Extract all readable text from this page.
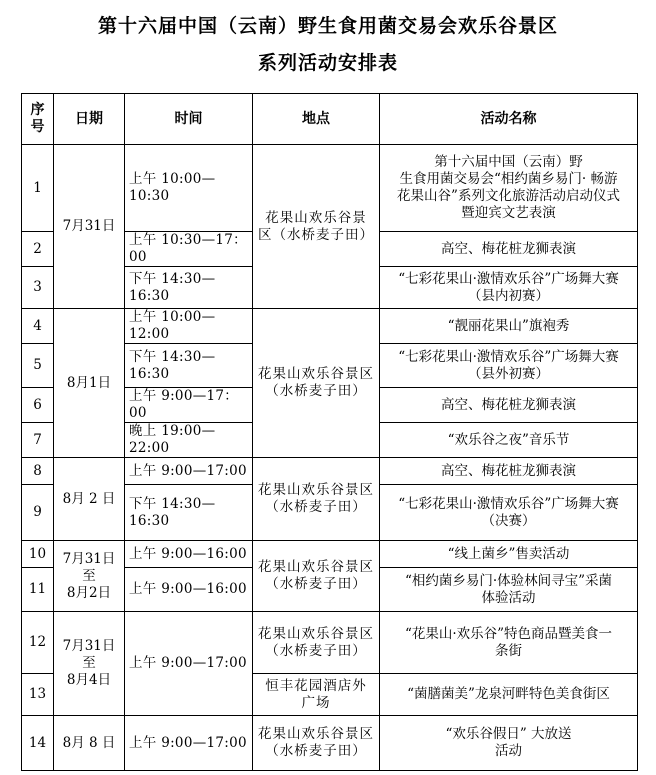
第十六届中国（云南）野生食用菌交易会欢乐谷景区
系列活动安排表
序号	日期	时间	地点	活动名称
1	7月31日	上午 10:00—10:30	花果山欢乐谷景
区（水桥麦子田）	第十六届中国（云南）野
生食用菌交易会“相约菌乡易门· 畅游
花果山谷”系列文化旅游活动启动仪式
暨迎宾文艺表演
2		上午 10:30—17：00		高空、梅花桩龙狮表演
3		下午 14:30—16:30		“七彩花果山·激情欢乐谷”广场舞大赛
（县内初赛）
4	8月1日	上午 10:00—12:00	花果山欢乐谷景区
（水桥麦子田）	“靓丽花果山”旗袍秀
5		下午 14:30—16:30		“七彩花果山·激情欢乐谷”广场舞大赛
（县外初赛）
6		上午 9:00—17：00		高空、梅花桩龙狮表演
7		晚上 19:00—22:00		“欢乐谷之夜”音乐节
8	8月 2 日	上午 9:00—17:00	花果山欢乐谷景区
（水桥麦子田）	高空、梅花桩龙狮表演
9		下午 14:30—16:30		“七彩花果山·激情欢乐谷”广场舞大赛
（决赛）
10	7月31日
至
8月2日	上午 9:00—16:00	花果山欢乐谷景区
（水桥麦子田）	“线上菌乡”售卖活动
11		上午 9:00—16:00		“相约菌乡易门·体验林间寻宝”采菌
体验活动
12	7月31日
至
8月4日	上午 9:00—17:00	花果山欢乐谷景区
（水桥麦子田）	“花果山·欢乐谷”特色商品暨美食一
条街
13			恒丰花园酒店外
广场	“菌膳菌美”龙泉河畔特色美食街区
14	8月 8 日	上午 9:00—17:00	花果山欢乐谷景区
（水桥麦子田）	“欢乐谷假日” 大放送
活动
